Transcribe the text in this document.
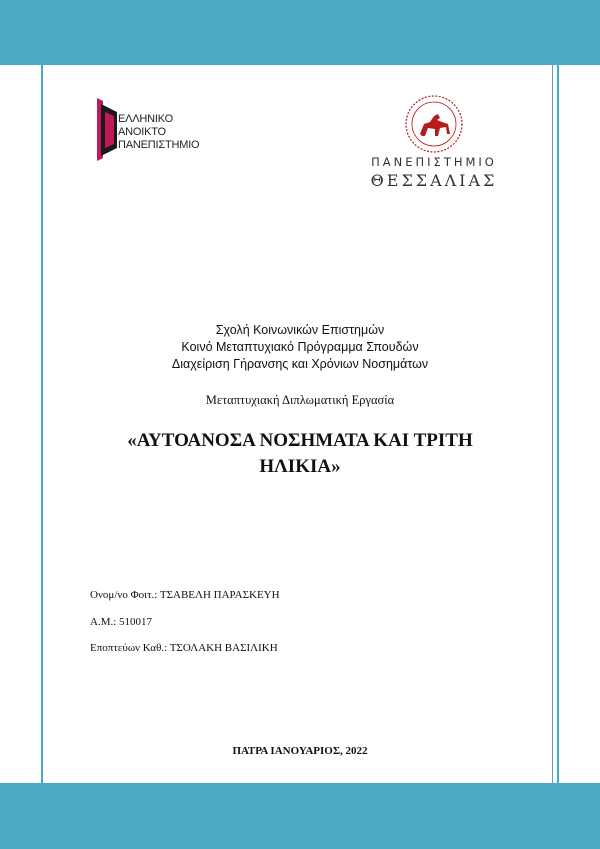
ΕΛΛΗΝΙΚΟ
ΑΝΟΙΚΤΟ
ΠΑΝΕΠΙΣΤΗΜΙΟ
ΠΑΝΕΠΙΣΤΗΜΙΟ
ΘΕΣΣΑΛΙΑΣ
Σχολή Κοινωνικών Επιστημών
Κοινό Μεταπτυχιακό Πρόγραμμα Σπουδών
Διαχείριση Γήρανσης και Χρόνιων Νοσημάτων
Μεταπτυχιακή Διπλωματική Εργασία
«ΑΥΤΟΑΝΟΣΑ ΝΟΣΗΜΑΤΑ ΚΑΙ ΤΡΙΤΗ
ΗΛΙΚΙΑ»
Ονομ/νο Φοιτ.: ΤΣΑΒΕΛΗ ΠΑΡΑΣΚΕΥΗ
Α.Μ.: 510017
Εποπτεύων Καθ.: ΤΣΟΛΑΚΗ ΒΑΣΙΛΙΚΗ
ΠΑΤΡΑ ΙΑΝΟΥΑΡΙΟΣ, 2022
